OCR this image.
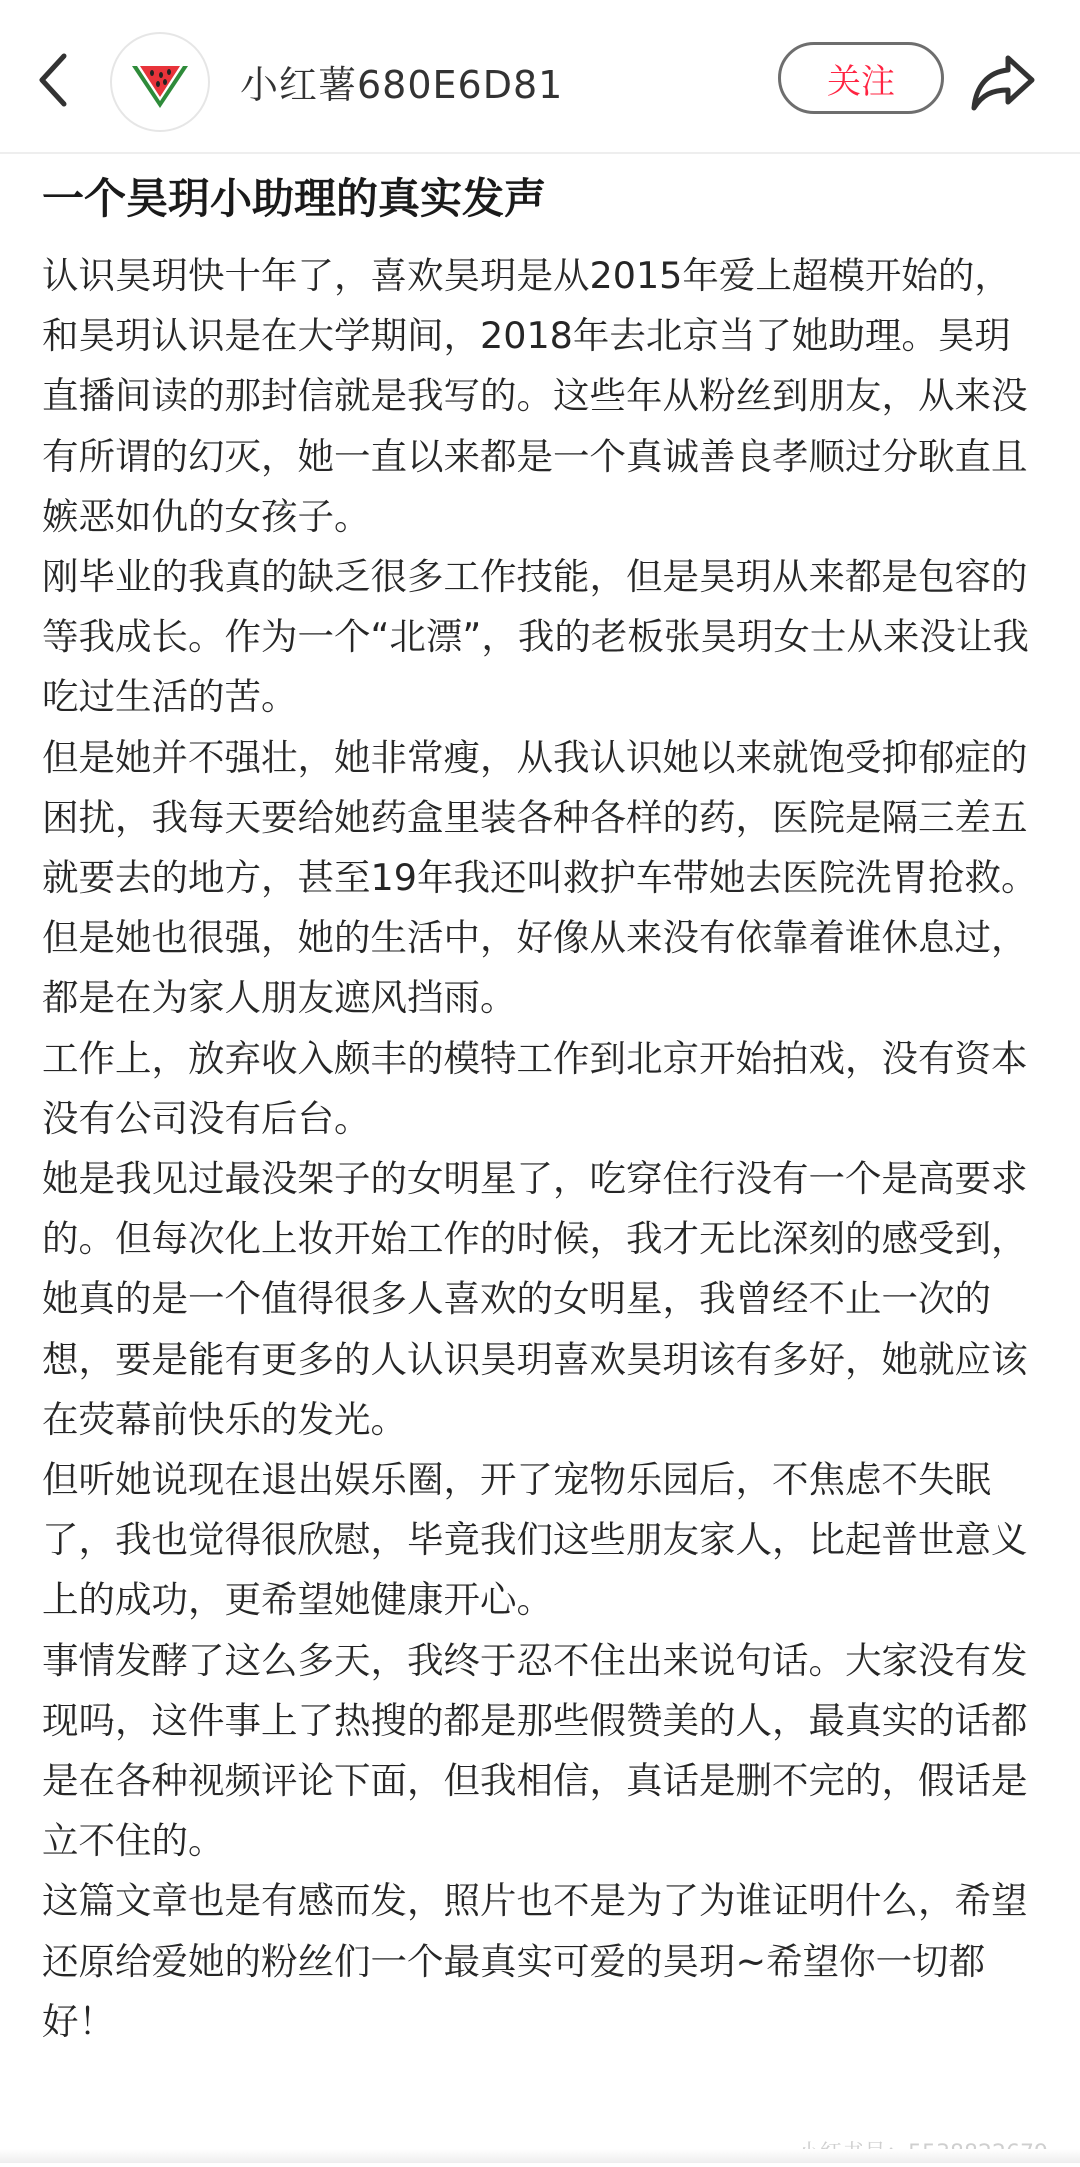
小红薯680E6D81	关注
一个昊玥小助理的真实发声

认识昊玥快十年了，喜欢昊玥是从2015年爱上超模开始的，和昊玥认识是在大学期间，2018年去北京当了她助理。昊玥直播间读的那封信就是我写的。这些年从粉丝到朋友，从来没有所谓的幻灭，她一直以来都是一个真诚善良孝顺过分耿直且嫉恶如仇的女孩子。

刚毕业的我真的缺乏很多工作技能，但是昊玥从来都是包容的等我成长。作为一个“北漂”，我的老板张昊玥女士从来没让我吃过生活的苦。

但是她并不强壮，她非常瘦，从我认识她以来就饱受抑郁症的困扰，我每天要给她药盒里装各种各样的药，医院是隔三差五就要去的地方，甚至19年我还叫救护车带她去医院洗胃抢救。

但是她也很强，她的生活中，好像从来没有依靠着谁休息过，都是在为家人朋友遮风挡雨。

工作上，放弃收入颇丰的模特工作到北京开始拍戏，没有资本没有公司没有后台。

她是我见过最没架子的女明星了，吃穿住行没有一个是高要求的。但每次化上妆开始工作的时候，我才无比深刻的感受到，她真的是一个值得很多人喜欢的女明星，我曾经不止一次的想，要是能有更多的人认识昊玥喜欢昊玥该有多好，她就应该在荧幕前快乐的发光。

但听她说现在退出娱乐圈，开了宠物乐园后，不焦虑不失眠了，我也觉得很欣慰，毕竟我们这些朋友家人，比起普世意义上的成功，更希望她健康开心。

事情发酵了这么多天，我终于忍不住出来说句话。大家没有发现吗，这件事上了热搜的都是那些假赞美的人，最真实的话都是在各种视频评论下面，但我相信，真话是删不完的，假话是立不住的。

这篇文章也是有感而发，照片也不是为了为谁证明什么，希望还原给爱她的粉丝们一个最真实可爱的昊玥~希望你一切都好！
